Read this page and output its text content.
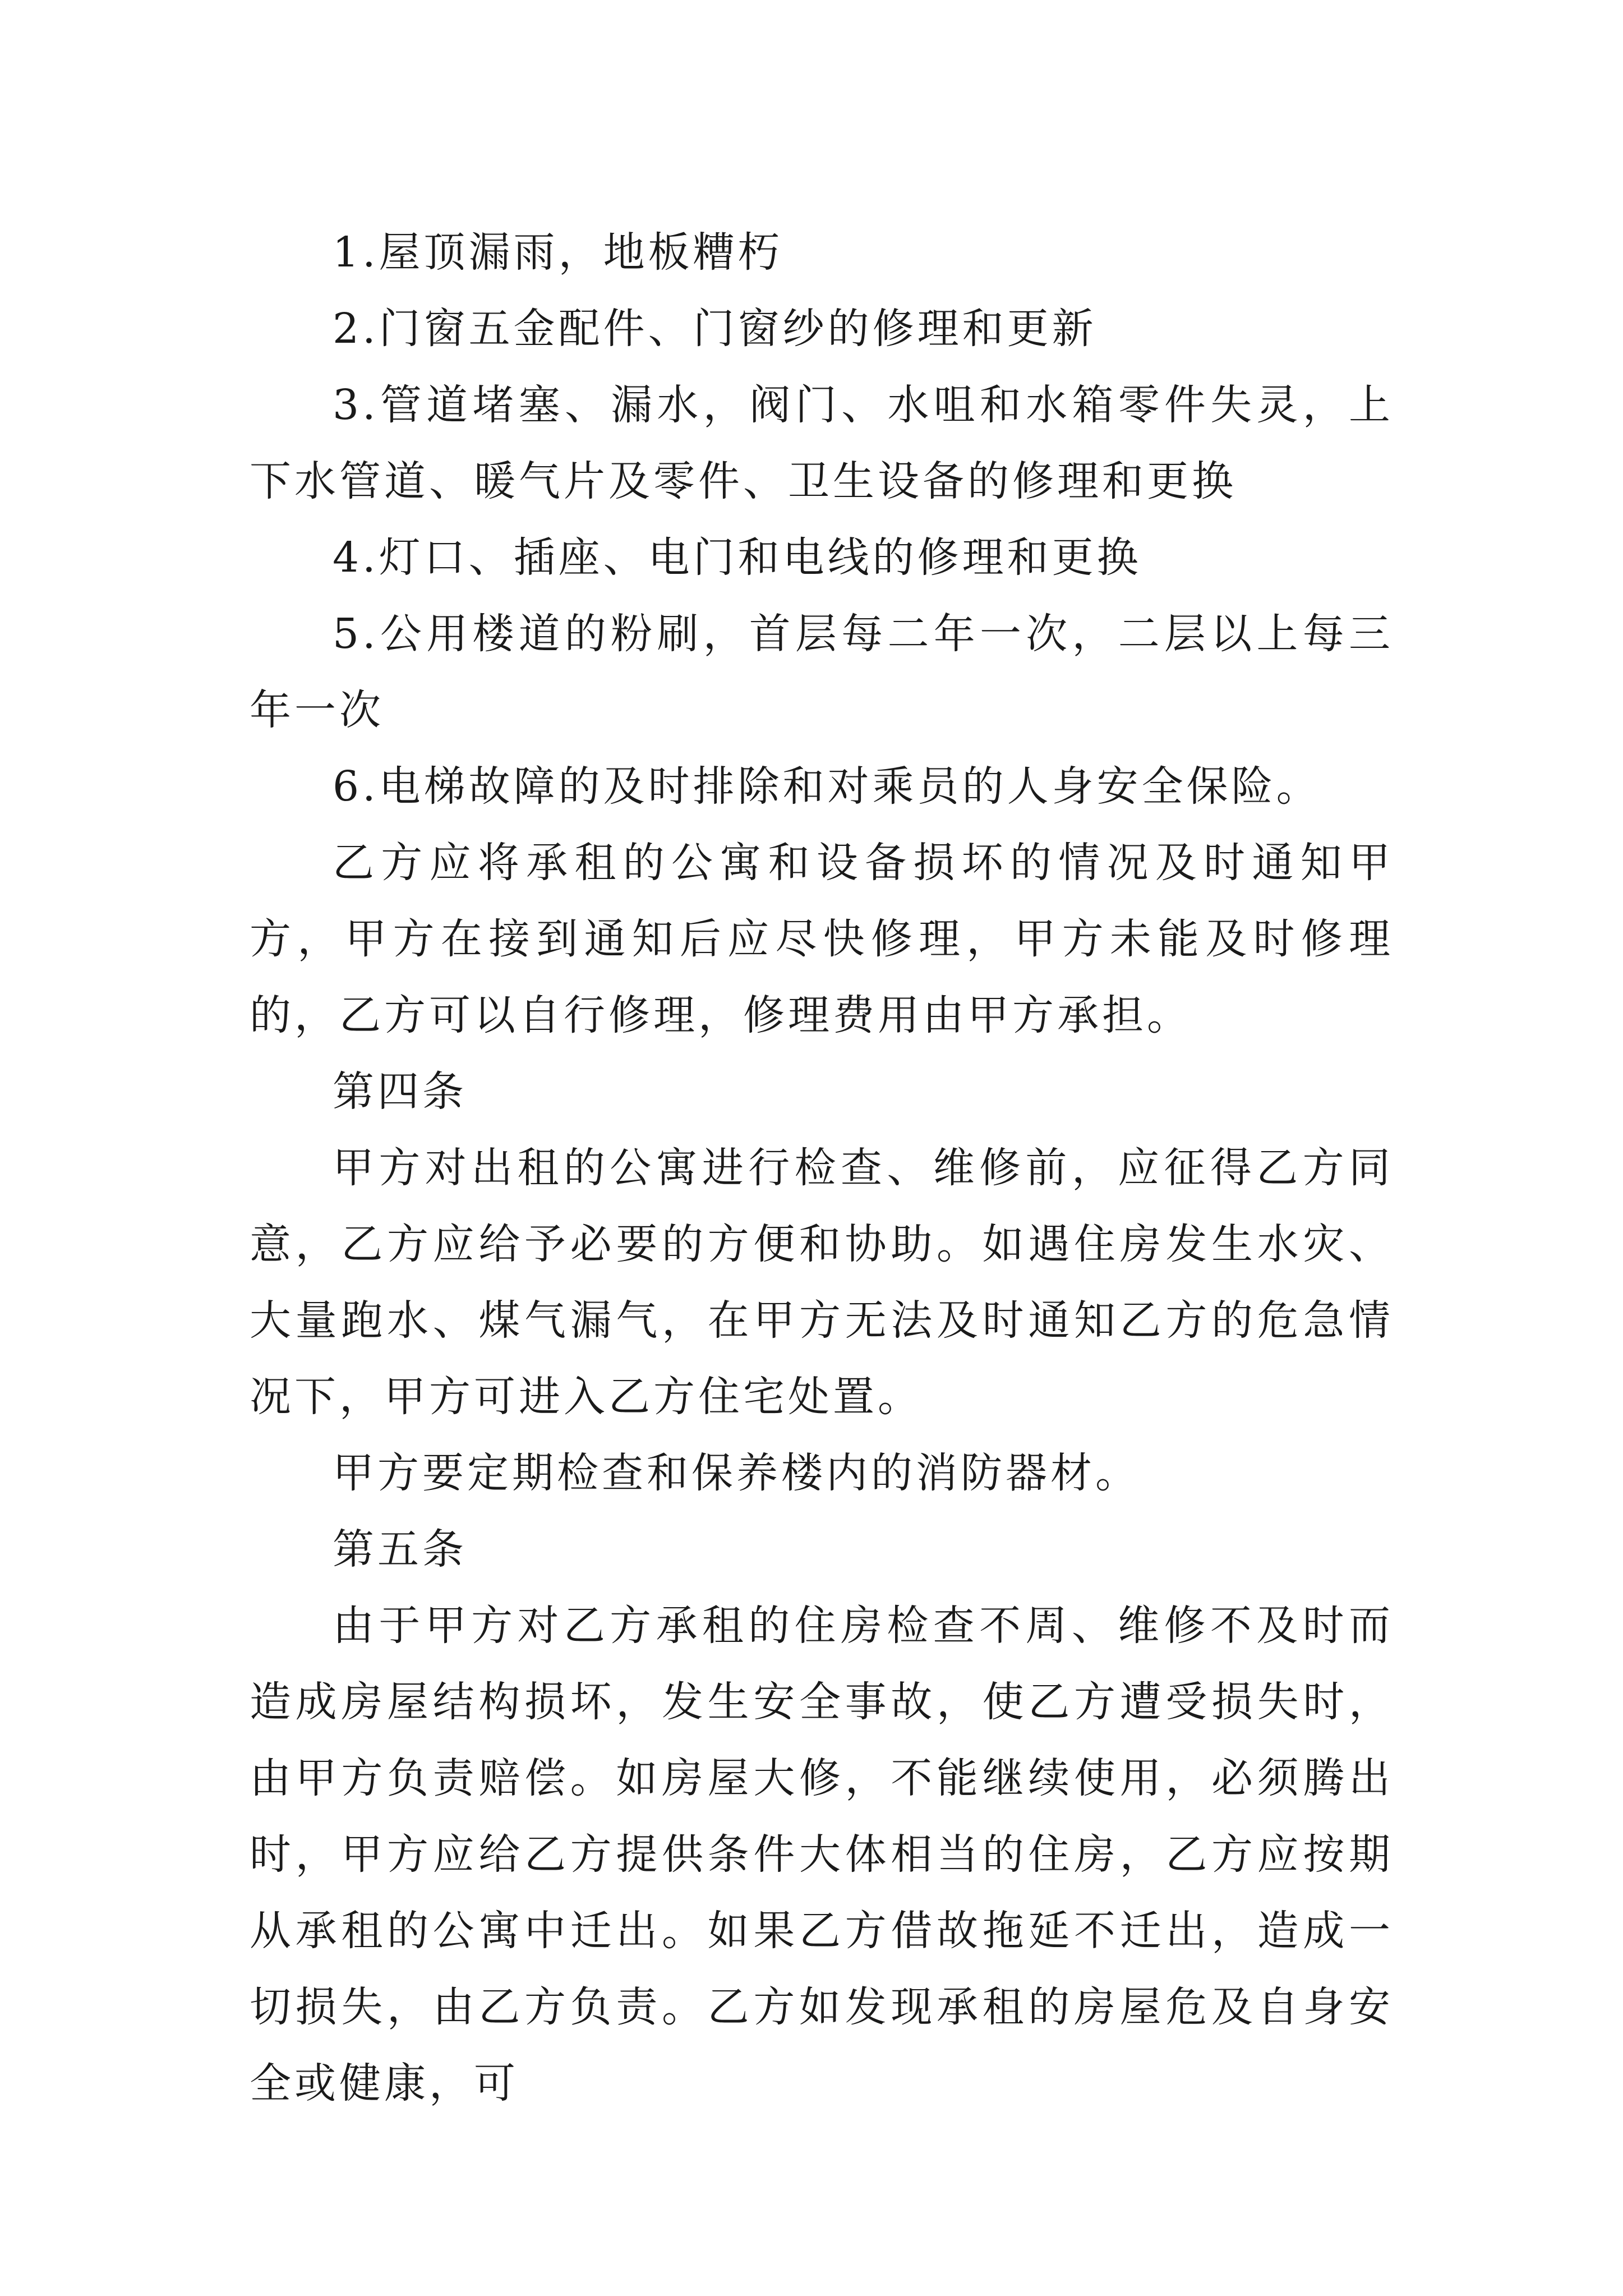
1.屋顶漏雨，地板糟朽

2.门窗五金配件、门窗纱的修理和更新

3.管道堵塞、漏水，阀门、水咀和水箱零件失灵，上下水管道、暖气片及零件、卫生设备的修理和更换

4.灯口、插座、电门和电线的修理和更换

5.公用楼道的粉刷，首层每二年一次，二层以上每三年一次

6.电梯故障的及时排除和对乘员的人身安全保险。

乙方应将承租的公寓和设备损坏的情况及时通知甲方，甲方在接到通知后应尽快修理，甲方未能及时修理的，乙方可以自行修理，修理费用由甲方承担。

第四条

甲方对出租的公寓进行检查、维修前，应征得乙方同意，乙方应给予必要的方便和协助。如遇住房发生水灾、大量跑水、煤气漏气，在甲方无法及时通知乙方的危急情况下，甲方可进入乙方住宅处置。

甲方要定期检查和保养楼内的消防器材。

第五条

由于甲方对乙方承租的住房检查不周、维修不及时而造成房屋结构损坏，发生安全事故，使乙方遭受损失时，由甲方负责赔偿。如房屋大修，不能继续使用，必须腾出时，甲方应给乙方提供条件大体相当的住房，乙方应按期从承租的公寓中迁出。如果乙方借故拖延不迁出，造成一切损失，由乙方负责。乙方如发现承租的房屋危及自身安全或健康，可
